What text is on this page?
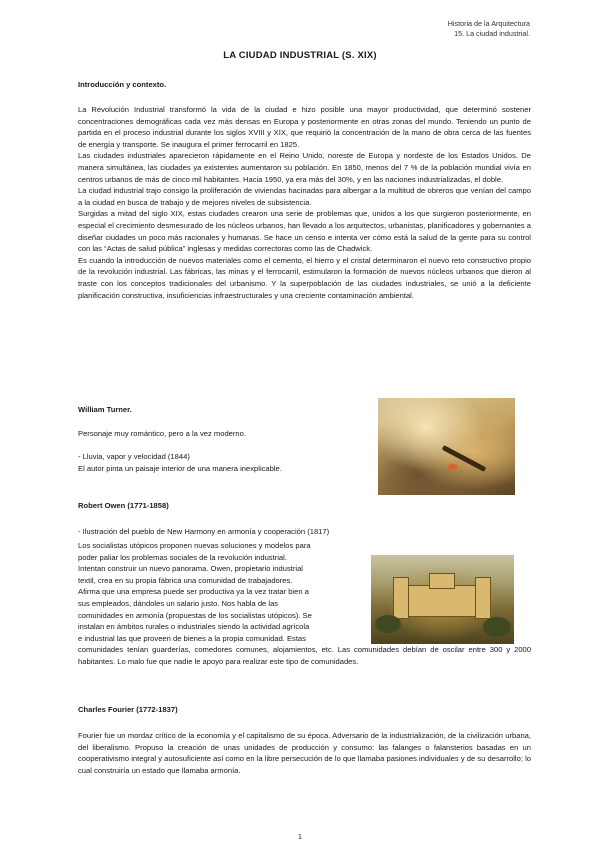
Historia de la Arquitectura
15. La ciudad industrial.
LA CIUDAD INDUSTRIAL (S. XIX)

Introducción y contexto.

La Revolución Industrial transformó la vida de la ciudad e hizo posible una mayor productividad, que determinó sostener concentraciones demográficas cada vez más densas en Europa y posteriormente en otras zonas del mundo. Teniendo un punto de partida en el proceso industrial durante los siglos XVIII y XIX, que requirió la concentración de la mano de obra cerca de las fuentes de energía y transporte. Se inaugura el primer ferrocarril en 1825.

Las ciudades industriales aparecieron rápidamente en el Reino Unido, noreste de Europa y nordeste de los Estados Unidos. De manera simultánea, las ciudades ya existentes aumentaron su población. En 1850, menos del 7 % de la población mundial vivía en centros urbanos de más de cinco mil habitantes. Hacia 1950, ya era más del 30%, y en las naciones industrializadas, el doble.

La ciudad industrial trajo consigo la proliferación de viviendas hacinadas para albergar a la multitud de obreros que venían del campo a la ciudad en busca de trabajo y de mejores niveles de subsistencia.

Surgidas a mitad del siglo XIX, estas ciudades crearon una serie de problemas que, unidos a los que surgieron posteriormente, en especial el crecimiento desmesurado de los núcleos urbanos, han llevado a los arquitectos, urbanistas, planificadores y gobernantes a diseñar ciudades un poco más racionales y humanas. Se hace un censo e intenta ver cómo está la salud de la gente para su control con las “Actas de salud pública” inglesas y medidas correctoras como las de Chadwick.

Es cuando la introducción de nuevos materiales como el cemento, el hierro y el cristal determinaron el nuevo reto constructivo propio de la revolución industrial. Las fábricas, las minas y el ferrocarril, estimularon la formación de nuevos núcleos urbanos que dieron al traste con los conceptos tradicionales del urbanismo. Y la superpoblación de las ciudades industriales, se unió a la deficiente planificación constructiva, insuficiencias infraestructurales y una creciente contaminación ambiental.

William Turner.

Personaje muy romántico, pero a la vez moderno.

- Lluvia, vapor y velocidad (1844)

El autor pinta un paisaje interior de una manera inexplicable.

Robert Owen (1771-1858)

- Ilustración del pueblo de New Harmony en armonía y cooperación (1817)

Los socialistas utópicos proponen nuevas soluciones y modelos para

poder paliar los problemas sociales de la revolución industrial.

Intentan construir un nuevo panorama. Owen, propietario industrial

textil, crea en su propia fábrica una comunidad de trabajadores.

Afirma que una empresa puede ser productiva ya la vez tratar bien a

sus empleados, dándoles un salario justo. Nos habla de las

comunidades en armonía (propuestas de los socialistas utópicos). Se

instalan en ámbitos rurales o industriales siendo la actividad agrícola

e industrial las que proveen de bienes a la propia comunidad. Estas

comunidades tenían guarderías, comedores comunes, alojamientos, etc. Las comunidades debían de oscilar entre 300 y 2000 habitantes. Lo malo fue que nadie le apoyo para realizar este tipo de comunidades.

Charles Fourier (1772-1837)

Fourier fue un mordaz crítico de la economía y el capitalismo de su época. Adversario de la industrialización, de la civilización urbana, del liberalismo. Propuso la creación de unas unidades de producción y consumo: las falanges o falansterios basadas en un cooperativismo integral y autosuficiente así como en la libre persecución de lo que llamaba pasiones individuales y de su desarrollo; lo cual construiría un estado que llamaba armonía.

1
